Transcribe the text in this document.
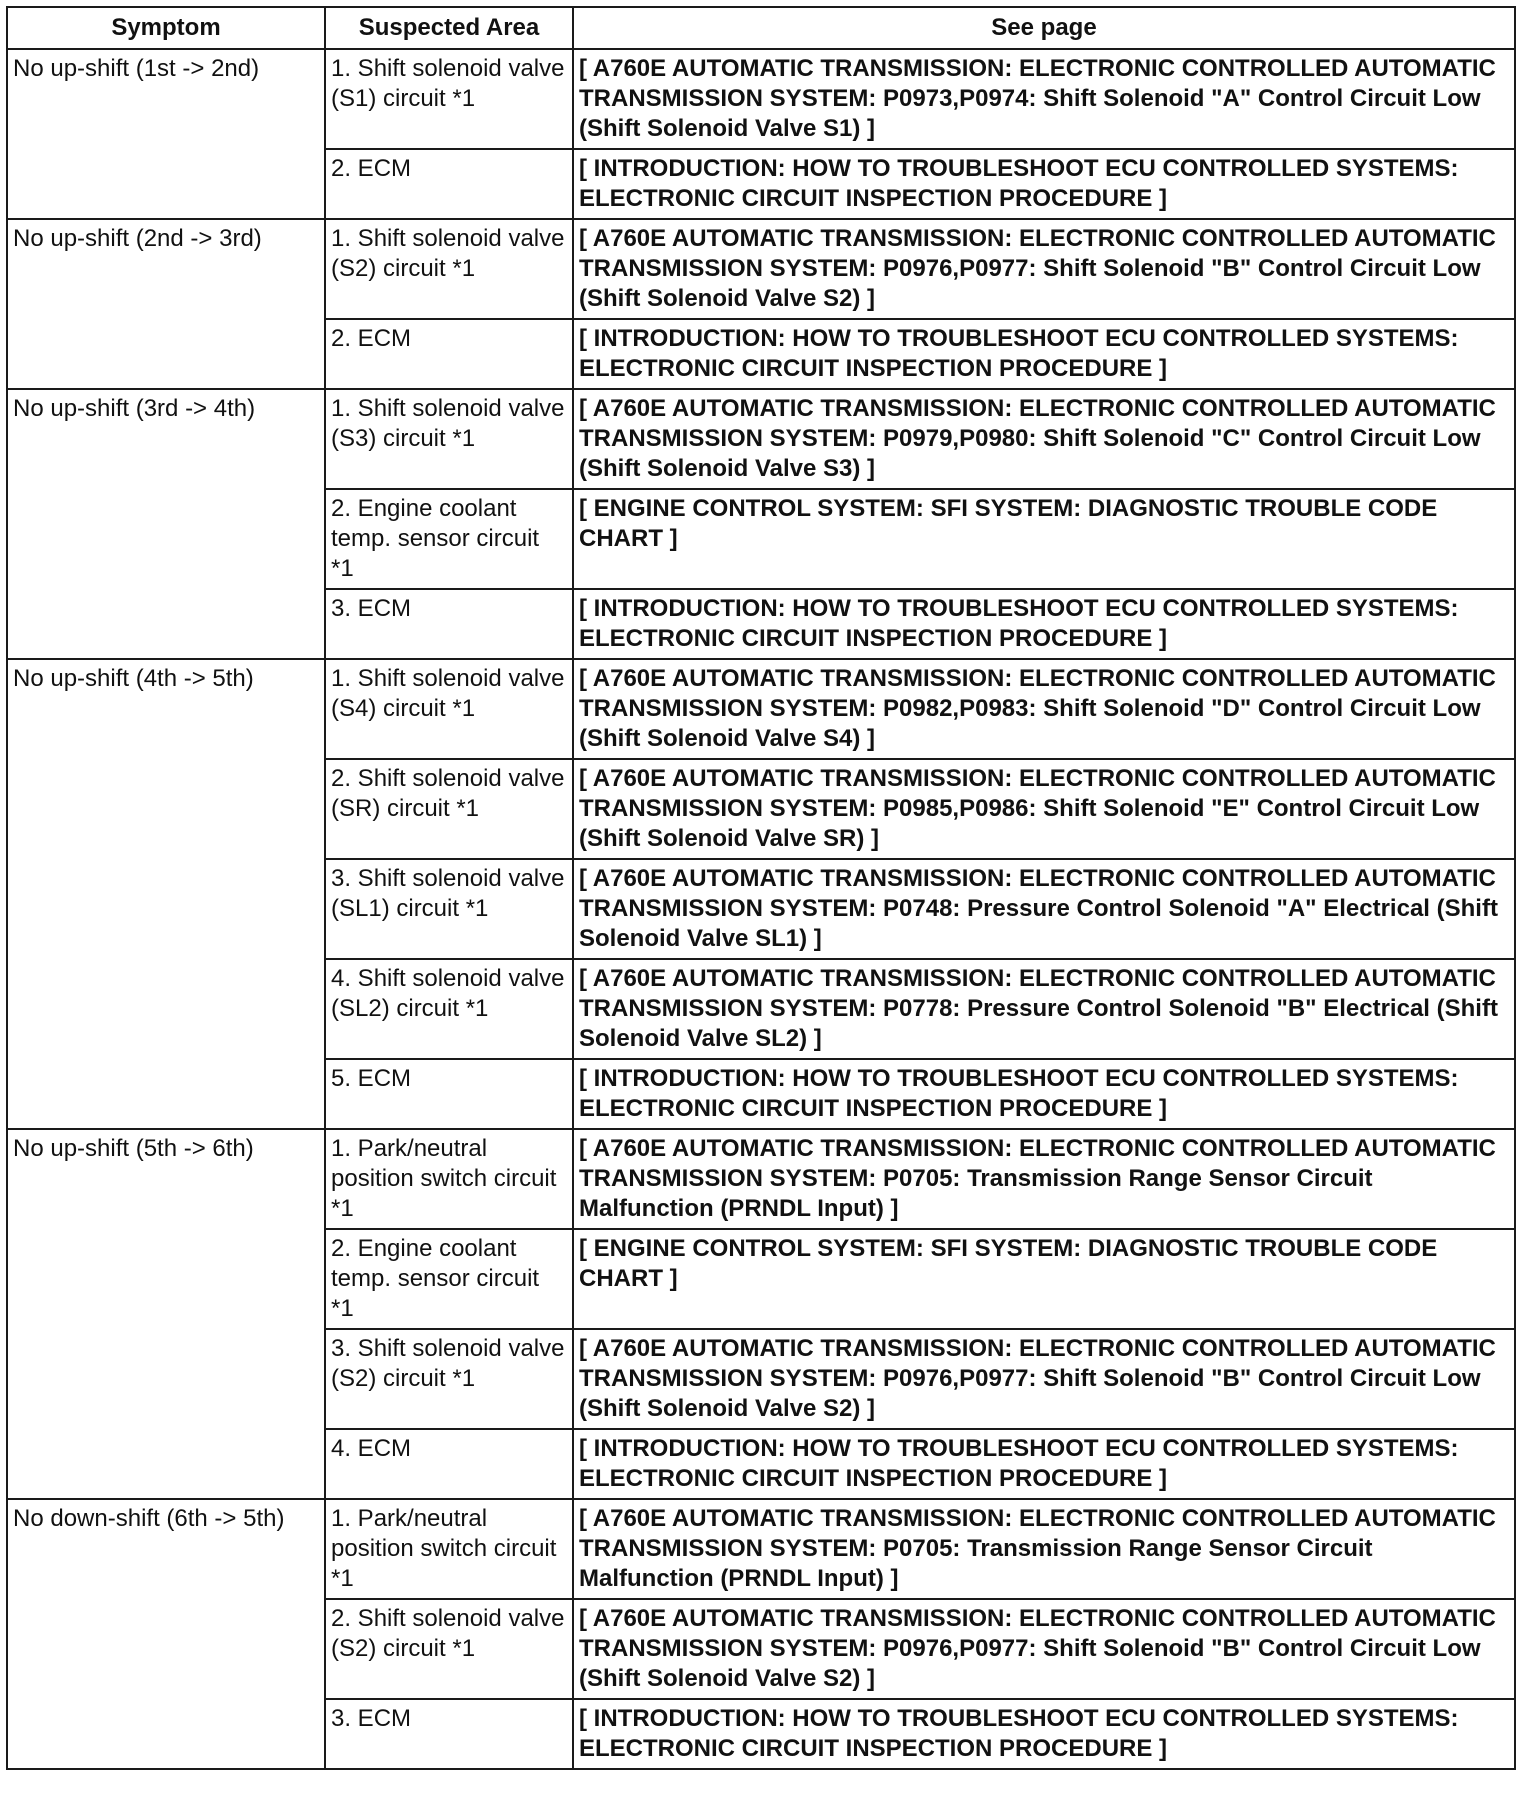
Symptom	Suspected Area	See page
No up-shift (1st -> 2nd)	1. Shift solenoid valve (S1) circuit *1	[ A760E AUTOMATIC TRANSMISSION: ELECTRONIC CONTROLLED AUTOMATIC TRANSMISSION SYSTEM: P0973,P0974: Shift Solenoid "A" Control Circuit Low (Shift Solenoid Valve S1) ]
	2. ECM	[ INTRODUCTION: HOW TO TROUBLESHOOT ECU CONTROLLED SYSTEMS: ELECTRONIC CIRCUIT INSPECTION PROCEDURE ]
No up-shift (2nd -> 3rd)	1. Shift solenoid valve (S2) circuit *1	[ A760E AUTOMATIC TRANSMISSION: ELECTRONIC CONTROLLED AUTOMATIC TRANSMISSION SYSTEM: P0976,P0977: Shift Solenoid "B" Control Circuit Low (Shift Solenoid Valve S2) ]
	2. ECM	[ INTRODUCTION: HOW TO TROUBLESHOOT ECU CONTROLLED SYSTEMS: ELECTRONIC CIRCUIT INSPECTION PROCEDURE ]
No up-shift (3rd -> 4th)	1. Shift solenoid valve (S3) circuit *1	[ A760E AUTOMATIC TRANSMISSION: ELECTRONIC CONTROLLED AUTOMATIC TRANSMISSION SYSTEM: P0979,P0980: Shift Solenoid "C" Control Circuit Low (Shift Solenoid Valve S3) ]
	2. Engine coolant temp. sensor circuit *1	[ ENGINE CONTROL SYSTEM: SFI SYSTEM: DIAGNOSTIC TROUBLE CODE CHART ]
	3. ECM	[ INTRODUCTION: HOW TO TROUBLESHOOT ECU CONTROLLED SYSTEMS: ELECTRONIC CIRCUIT INSPECTION PROCEDURE ]
No up-shift (4th -> 5th)	1. Shift solenoid valve (S4) circuit *1	[ A760E AUTOMATIC TRANSMISSION: ELECTRONIC CONTROLLED AUTOMATIC TRANSMISSION SYSTEM: P0982,P0983: Shift Solenoid "D" Control Circuit Low (Shift Solenoid Valve S4) ]
	2. Shift solenoid valve (SR) circuit *1	[ A760E AUTOMATIC TRANSMISSION: ELECTRONIC CONTROLLED AUTOMATIC TRANSMISSION SYSTEM: P0985,P0986: Shift Solenoid "E" Control Circuit Low (Shift Solenoid Valve SR) ]
	3. Shift solenoid valve (SL1) circuit *1	[ A760E AUTOMATIC TRANSMISSION: ELECTRONIC CONTROLLED AUTOMATIC TRANSMISSION SYSTEM: P0748: Pressure Control Solenoid "A" Electrical (Shift Solenoid Valve SL1) ]
	4. Shift solenoid valve (SL2) circuit *1	[ A760E AUTOMATIC TRANSMISSION: ELECTRONIC CONTROLLED AUTOMATIC TRANSMISSION SYSTEM: P0778: Pressure Control Solenoid "B" Electrical (Shift Solenoid Valve SL2) ]
	5. ECM	[ INTRODUCTION: HOW TO TROUBLESHOOT ECU CONTROLLED SYSTEMS: ELECTRONIC CIRCUIT INSPECTION PROCEDURE ]
No up-shift (5th -> 6th)	1. Park/neutral position switch circuit *1	[ A760E AUTOMATIC TRANSMISSION: ELECTRONIC CONTROLLED AUTOMATIC TRANSMISSION SYSTEM: P0705: Transmission Range Sensor Circuit Malfunction (PRNDL Input) ]
	2. Engine coolant temp. sensor circuit *1	[ ENGINE CONTROL SYSTEM: SFI SYSTEM: DIAGNOSTIC TROUBLE CODE CHART ]
	3. Shift solenoid valve (S2) circuit *1	[ A760E AUTOMATIC TRANSMISSION: ELECTRONIC CONTROLLED AUTOMATIC TRANSMISSION SYSTEM: P0976,P0977: Shift Solenoid "B" Control Circuit Low (Shift Solenoid Valve S2) ]
	4. ECM	[ INTRODUCTION: HOW TO TROUBLESHOOT ECU CONTROLLED SYSTEMS: ELECTRONIC CIRCUIT INSPECTION PROCEDURE ]
No down-shift (6th -> 5th)	1. Park/neutral position switch circuit *1	[ A760E AUTOMATIC TRANSMISSION: ELECTRONIC CONTROLLED AUTOMATIC TRANSMISSION SYSTEM: P0705: Transmission Range Sensor Circuit Malfunction (PRNDL Input) ]
	2. Shift solenoid valve (S2) circuit *1	[ A760E AUTOMATIC TRANSMISSION: ELECTRONIC CONTROLLED AUTOMATIC TRANSMISSION SYSTEM: P0976,P0977: Shift Solenoid "B" Control Circuit Low (Shift Solenoid Valve S2) ]
	3. ECM	[ INTRODUCTION: HOW TO TROUBLESHOOT ECU CONTROLLED SYSTEMS: ELECTRONIC CIRCUIT INSPECTION PROCEDURE ]
